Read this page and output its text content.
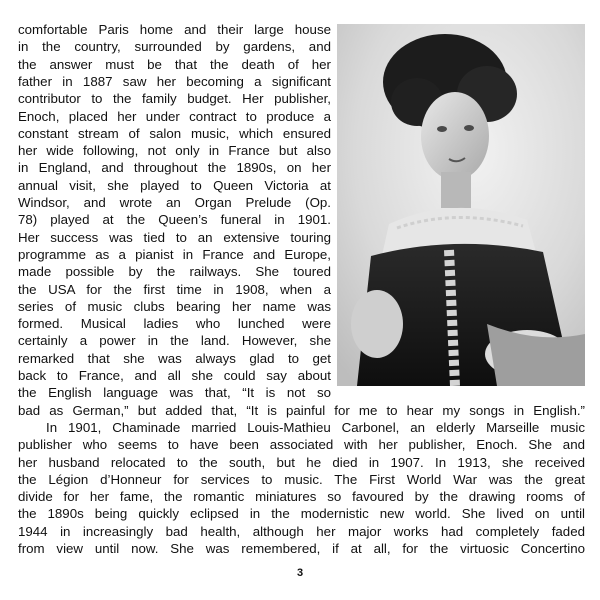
comfortable Paris home and their large house
in the country, surrounded by gardens, and
the answer must be that the death of her
father in 1887 saw her becoming a significant
contributor to the family budget. Her publisher,
Enoch, placed her under contract to produce a
constant stream of salon music, which ensured
her wide following, not only in France but also
in England, and throughout the 1890s, on her
annual visit, she played to Queen Victoria at
Windsor, and wrote an Organ Prelude (Op.
78) played at the Queen’s funeral in 1901.
Her success was tied to an extensive touring
programme as a pianist in France and Europe,
made possible by the railways. She toured
the USA for the first time in 1908, when a
series of music clubs bearing her name was
formed. Musical ladies who lunched were
certainly a power in the land. However, she
remarked that she was always glad to get
back to France, and all she could say about
the English language was that, “It is not so
bad as German,” but added that, “It is painful for me to hear my songs in English.”
In 1901, Chaminade married Louis-Mathieu Carbonel, an elderly Marseille music
publisher who seems to have been associated with her publisher, Enoch. She and
her husband relocated to the south, but he died in 1907. In 1913, she received
the Légion d’Honneur for services to music. The First World War was the great
3
divide for her fame, the romantic miniatures so favoured by the drawing rooms of
the 1890s being quickly eclipsed in the modernistic new world. She lived on until
1944 in increasingly bad health, although her major works had completely faded
from view until now. She was remembered, if at all, for the virtuosic Concertino
